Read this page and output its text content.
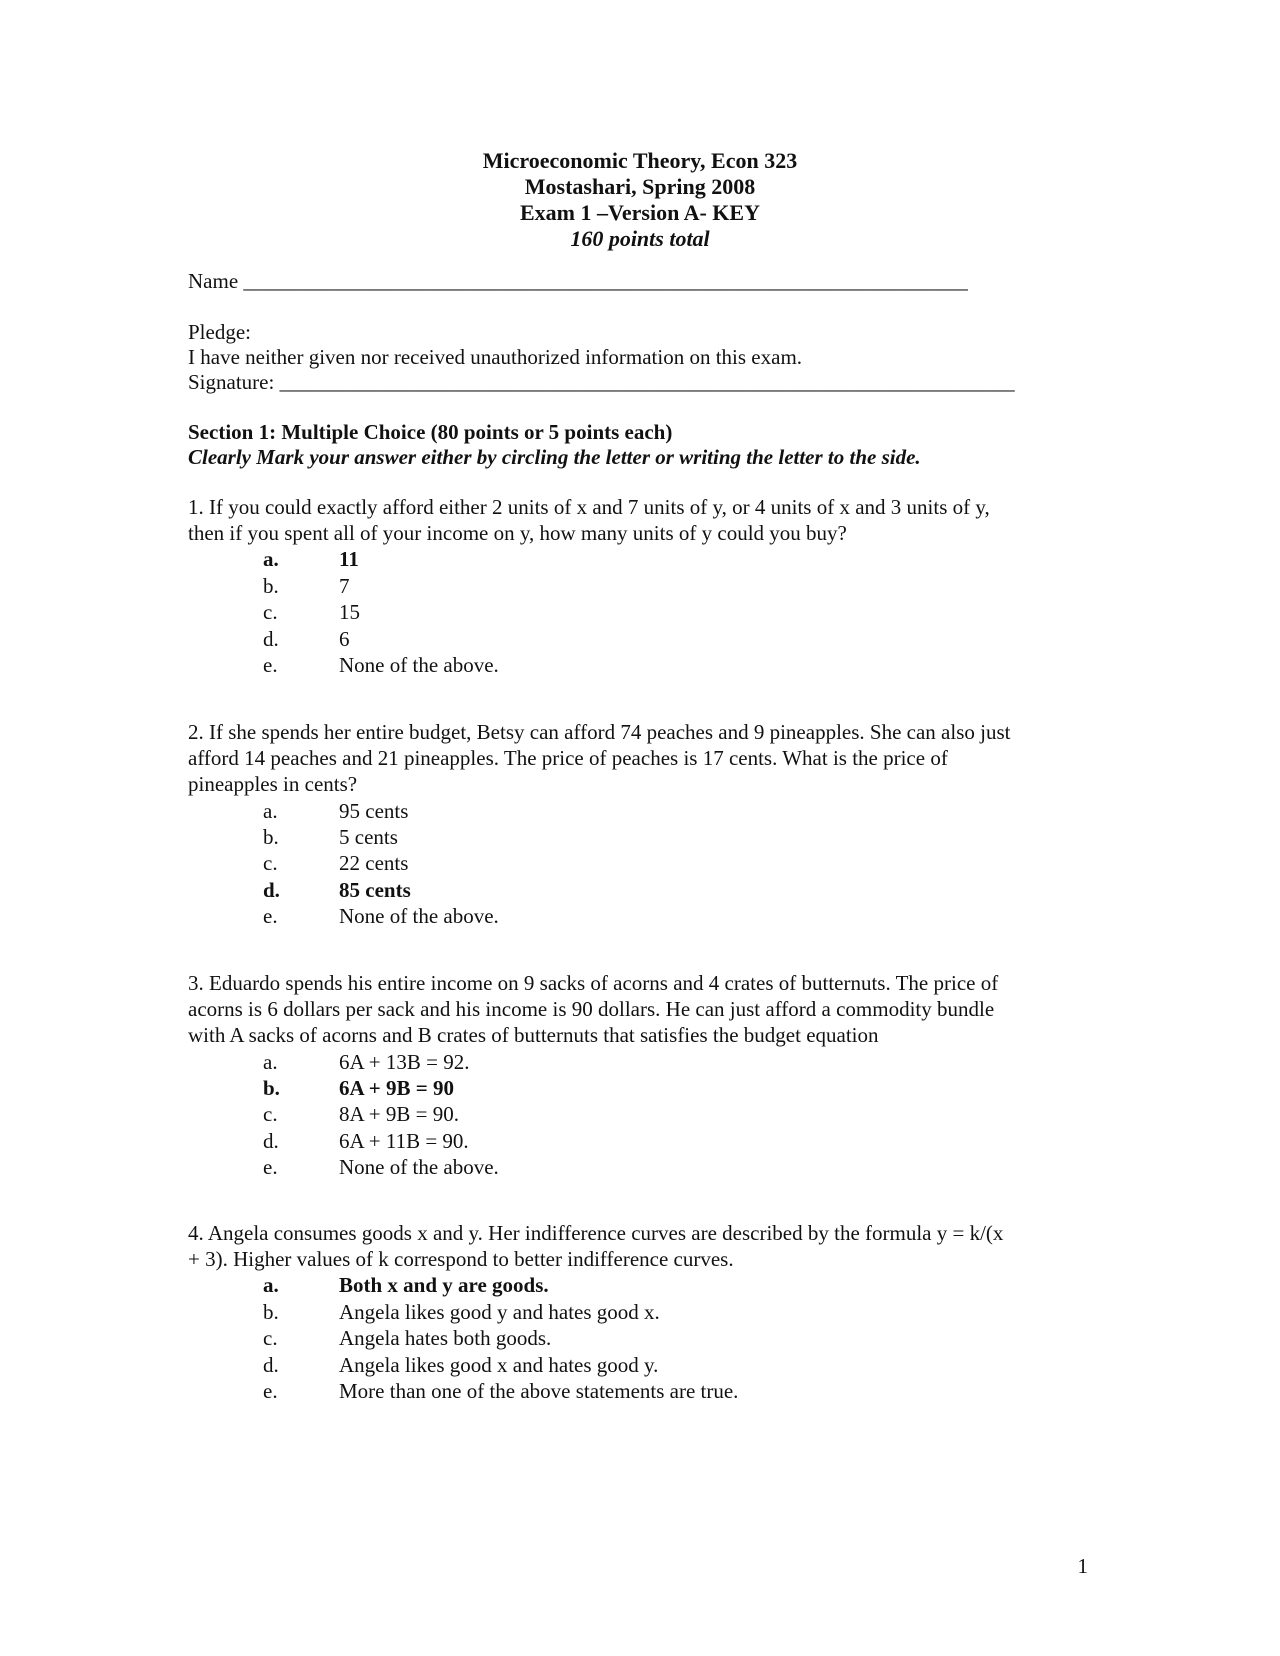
Microeconomic Theory, Econ 323
Mostashari, Spring 2008
Exam 1 –Version A- KEY
160 points total
Name _____________________________________________________________________
Pledge:
I have neither given nor received unauthorized information on this exam.
Signature: ______________________________________________________________________
Section 1: Multiple Choice (80 points or 5 points each)
Clearly Mark your answer either by circling the letter or writing the letter to the side.
1. If you could exactly afford either 2 units of x and 7 units of y, or 4 units of x and 3 units of y,
then if you spent all of your income on y, how many units of y could you buy?
a.	11
b.	7
c.	15
d.	6
e.	None of the above.
2. If she spends her entire budget, Betsy can afford 74 peaches and 9 pineapples. She can also just
afford 14 peaches and 21 pineapples. The price of peaches is 17 cents. What is the price of
pineapples in cents?
a.	95 cents
b.	5 cents
c.	22 cents
d.	85 cents
e.	None of the above.
3. Eduardo spends his entire income on 9 sacks of acorns and 4 crates of butternuts. The price of
acorns is 6 dollars per sack and his income is 90 dollars. He can just afford a commodity bundle
with A sacks of acorns and B crates of butternuts that satisfies the budget equation
a.	6A + 13B = 92.
b.	6A + 9B = 90
c.	8A + 9B = 90.
d.	6A + 11B = 90.
e.	None of the above.
4. Angela consumes goods x and y. Her indifference curves are described by the formula y = k/(x
+ 3). Higher values of k correspond to better indifference curves.
a.	Both x and y are goods.
b.	Angela likes good y and hates good x.
c.	Angela hates both goods.
d.	Angela likes good x and hates good y.
e.	More than one of the above statements are true.
1
